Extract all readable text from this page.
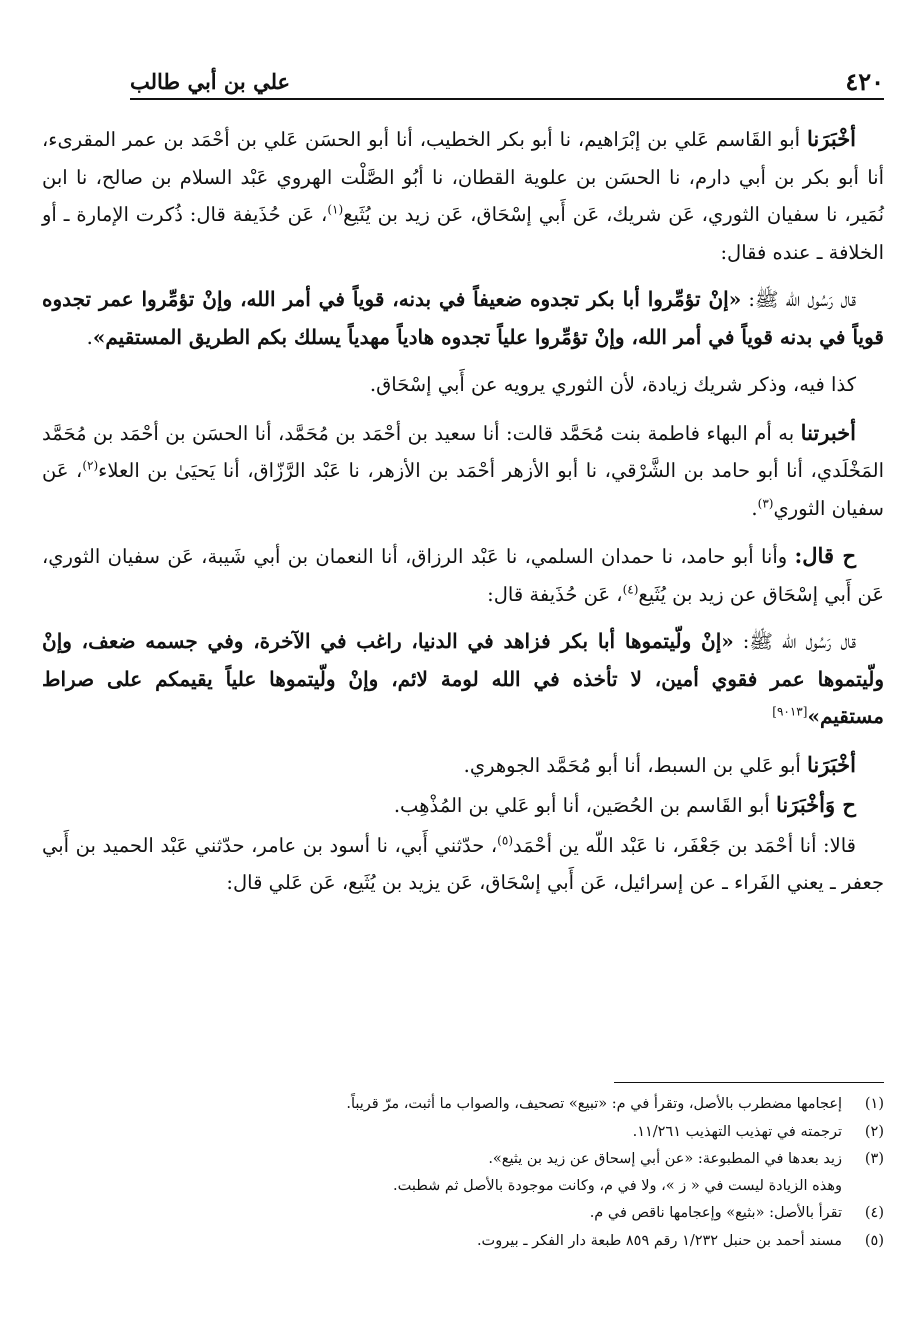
٤٢٠
علي بن أبي طالب

أخْبَرَنا أبو القَاسم عَلي بن إبْرَاهيم، نا أبو بكر الخطيب، أنا أبو الحسَن عَلي بن أحْمَد بن عمر المقرىء، أنا أبو بكر بن أبي دارم، نا الحسَن بن علوية القطان، نا أبُو الصَّلْت الهروي عَبْد السلام بن صالح، نا ابن نُمَير، نا سفيان الثوري، عَن شريك، عَن أَبي إسْحَاق، عَن زيد بن يُثَيع$^{(١)}$، عَن حُذَيفة قال: ذُكرت الإمارة ـ أو الخلافة ـ عنده فقال:

قال رَسُول الله ﷺ: «إنْ تؤمِّروا أبا بكر تجدوه ضعيفاً في بدنه، قوياً في أمر الله، وإنْ تؤمِّروا عمر تجدوه قوياً في بدنه قوياً في أمر الله، وإنْ تؤمِّروا علياً تجدوه هادياً مهدياً يسلك بكم الطريق المستقيم».

كذا فيه، وذكر شريك زيادة، لأن الثوري يرويه عن أَبي إسْحَاق.

أخبرتنا به أم البهاء فاطمة بنت مُحَمَّد قالت: أنا سعيد بن أحْمَد بن مُحَمَّد، أنا الحسَن بن أحْمَد بن مُحَمَّد المَخْلَدي، أنا أبو حامد بن الشَّرْقي، نا أبو الأزهر أحْمَد بن الأزهر، نا عَبْد الرَّزّاق، أنا يَحيَىٰ بن العلاء$^{(٢)}$، عَن سفيان الثوري$^{(٣)}$.

ح قال: وأنا أبو حامد، نا حمدان السلمي، نا عَبْد الرزاق، أنا النعمان بن أبي شَيبة، عَن سفيان الثوري، عَن أَبي إسْحَاق عن زيد بن يُثَيع$^{(٤)}$، عَن حُذَيفة قال:

قال رَسُول الله ﷺ: «إنْ ولّيتموها أبا بكر فزاهد في الدنيا، راغب في الآخرة، وفي جسمه ضعف، وإنْ ولّيتموها عمر فقوي أمين، لا تأخذه في الله لومة لائم، وإنْ ولّيتموها علياً يقيمكم على صراط مستقيم»[٩٠١٣]

أخْبَرَنا أبو عَلي بن السبط، أنا أبو مُحَمَّد الجوهري.

ح وَأخْبَرَنا أبو القَاسم بن الحُصَين، أنا أبو عَلي بن المُذْهِب.

قالا: أنا أحْمَد بن جَعْفَر، نا عَبْد اللّه ين أحْمَد$^{(٥)}$، حدّثني أَبي، نا أسود بن عامر، حدّثني عَبْد الحميد بن أَبي جعفر ـ يعني الفَراء ـ عن إسرائيل، عَن أَبي إسْحَاق، عَن يزيد بن يُثَيع، عَن عَلي قال:

(١)

إعجامها مضطرب بالأصل، وتقرأ في م: «تبيع» تصحيف، والصواب ما أثبت، مرّ قريباً.

(٢)

ترجمته في تهذيب التهذيب ١١/٢٦١.

(٣)

زيد بعدها في المطبوعة: «عن أبي إسحاق عن زيد بن يثيع».

وهذه الزيادة ليست في « ز »، ولا في م، وكانت موجودة بالأصل ثم شطبت.

(٤)

تقرأ بالأصل: «بثيع» وإعجامها ناقص في م.

(٥)

مسند أحمد بن حنبل ١/٢٣٢ رقم ٨٥٩ طبعة دار الفكر ـ بيروت.
